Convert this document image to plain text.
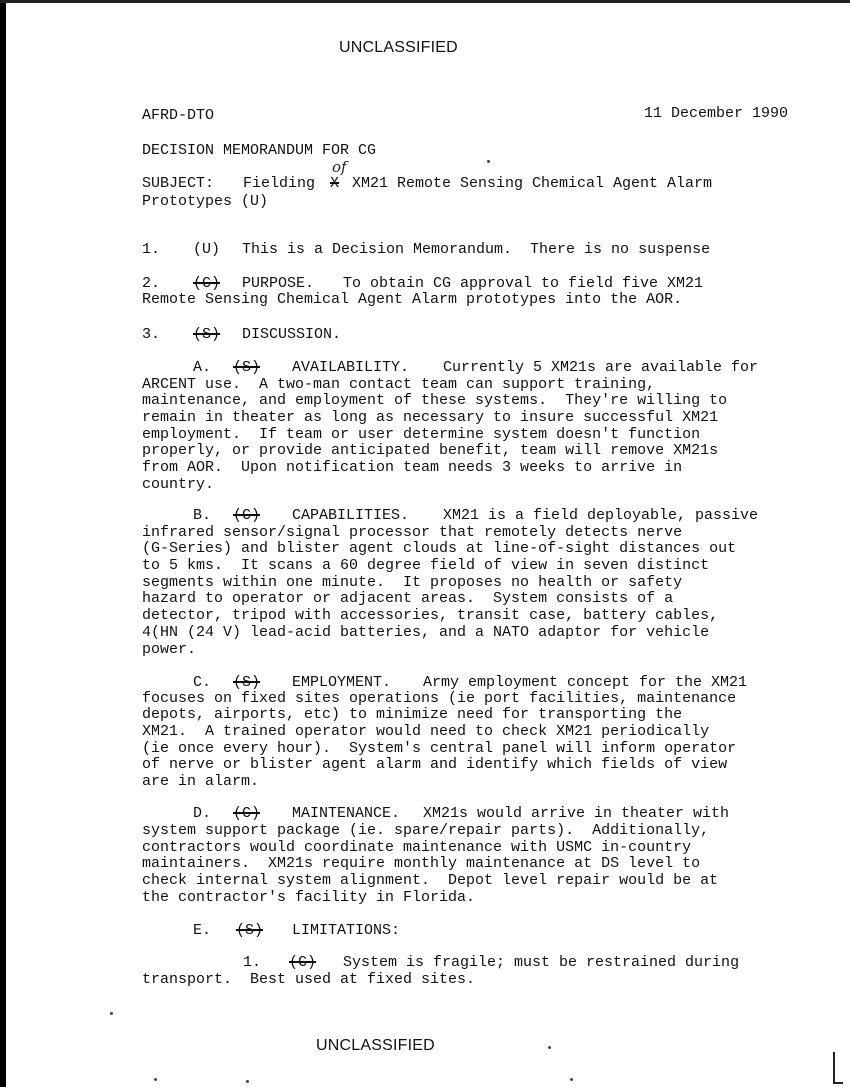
UNCLASSIFIED
AFRD-DTO	11 December 1990
DECISION MEMORANDUM FOR CG
SUBJECT: Fielding
of
X XM21 Remote Sensing Chemical Agent Alarm
Prototypes (U)
1. (U) This is a Decision Memorandum.  There is no suspense
2. (C) PURPOSE. To obtain CG approval to field five XM21
Remote Sensing Chemical Agent Alarm prototypes into the AOR.
3. (S) DISCUSSION.
A. (S) AVAILABILITY. Currently 5 XM21s are available for
ARCENT use.  A two-man contact team can support training,
maintenance, and employment of these systems.  They're willing to
remain in theater as long as necessary to insure successful XM21
employment.  If team or user determine system doesn't function
properly, or provide anticipated benefit, team will remove XM21s
from AOR.  Upon notification team needs 3 weeks to arrive in
country.
B. (C) CAPABILITIES. XM21 is a field deployable, passive
infrared sensor/signal processor that remotely detects nerve
(G-Series) and blister agent clouds at line-of-sight distances out
to 5 kms.  It scans a 60 degree field of view in seven distinct
segments within one minute.  It proposes no health or safety
hazard to operator or adjacent areas.  System consists of a
detector, tripod with accessories, transit case, battery cables,
4(HN (24 V) lead-acid batteries, and a NATO adaptor for vehicle
power.
C. (S) EMPLOYMENT. Army employment concept for the XM21
focuses on fixed sites operations (ie port facilities, maintenance
depots, airports, etc) to minimize need for transporting the
XM21.  A trained operator would need to check XM21 periodically
(ie once every hour).  System's central panel will inform operator
of nerve or blister agent alarm and identify which fields of view
are in alarm.
D. (C) MAINTENANCE. XM21s would arrive in theater with
system support package (ie. spare/repair parts).  Additionally,
contractors would coordinate maintenance with USMC in-country
maintainers.  XM21s require monthly maintenance at DS level to
check internal system alignment.  Depot level repair would be at
the contractor's facility in Florida.
E. (S) LIMITATIONS:
1. (C) System is fragile; must be restrained during
transport.  Best used at fixed sites.
UNCLASSIFIED
